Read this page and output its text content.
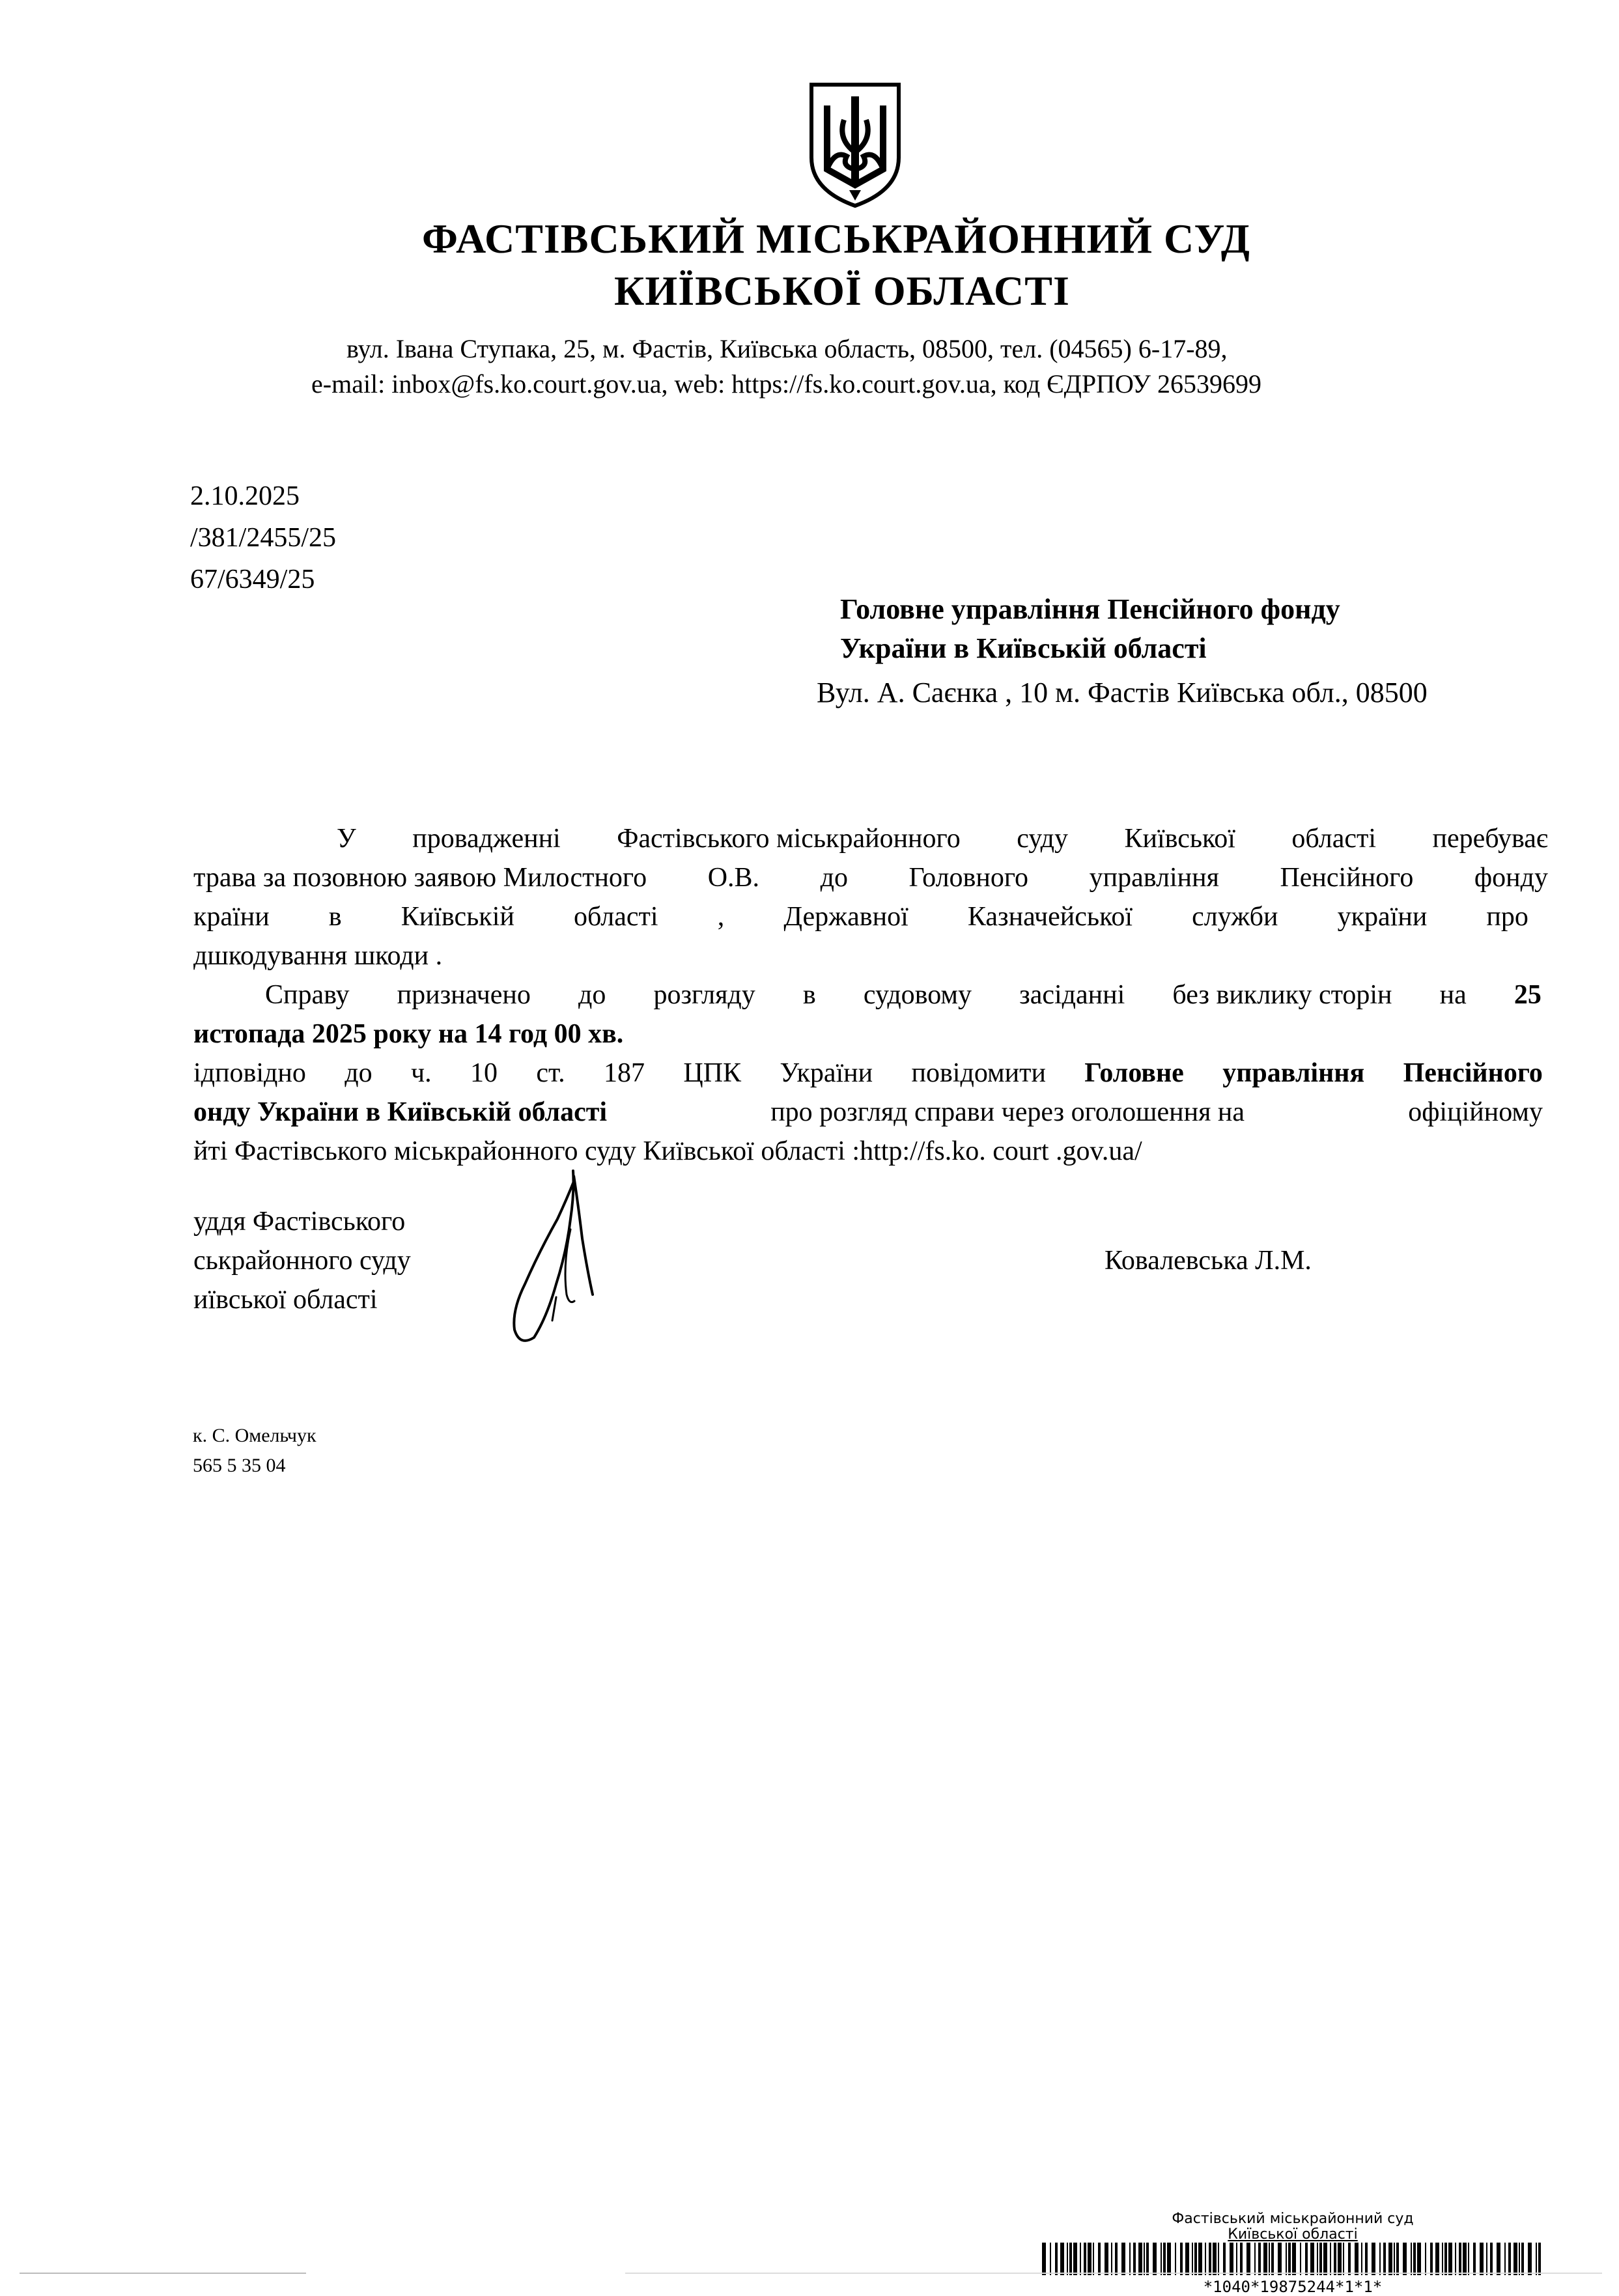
ФАСТІВСЬКИЙ МІСЬКРАЙОННИЙ СУД
КИЇВСЬКОЇ ОБЛАСТІ
вул. Івана Ступака, 25, м. Фастів, Київська область, 08500, тел. (04565) 6-17-89,
e-mail: inbox@fs.ko.court.gov.ua, web: https://fs.ko.court.gov.ua, код ЄДРПОУ 26539699
2.10.2025
/381/2455/25
67/6349/25
Головне управління Пенсійного фонду
України в Київській області
Вул. А. Саєнка , 10 м. Фастів Київська обл., 08500
У провадженні Фастівського міськрайонного суду Київської області перебуває
трава за позовною заявою Милостного О.В. до Головного управління Пенсійного фонду
країни в Київській області , Державної Казначейської служби україни про
дшкодування шкоди .
Справу призначено до розгляду в судовому засіданні без виклику сторін на 25
истопада 2025 року на 14 год 00 хв.
ідповідно до ч. 10 ст. 187 ЦПК України повідомити Головне управління Пенсійного
онду України в Київській області	про розгляд справи через оголошення на	офіційному
йті Фастівського міськрайонного суду Київської області :http://fs.ko. court .gov.ua/
уддя Фастівського
ськрайонного суду
иївської області
Ковалевська Л.М.
к. С. Омельчук
565 5 35 04
Фастівський міськрайонний суд
Київської області
*1040*19875244*1*1*
